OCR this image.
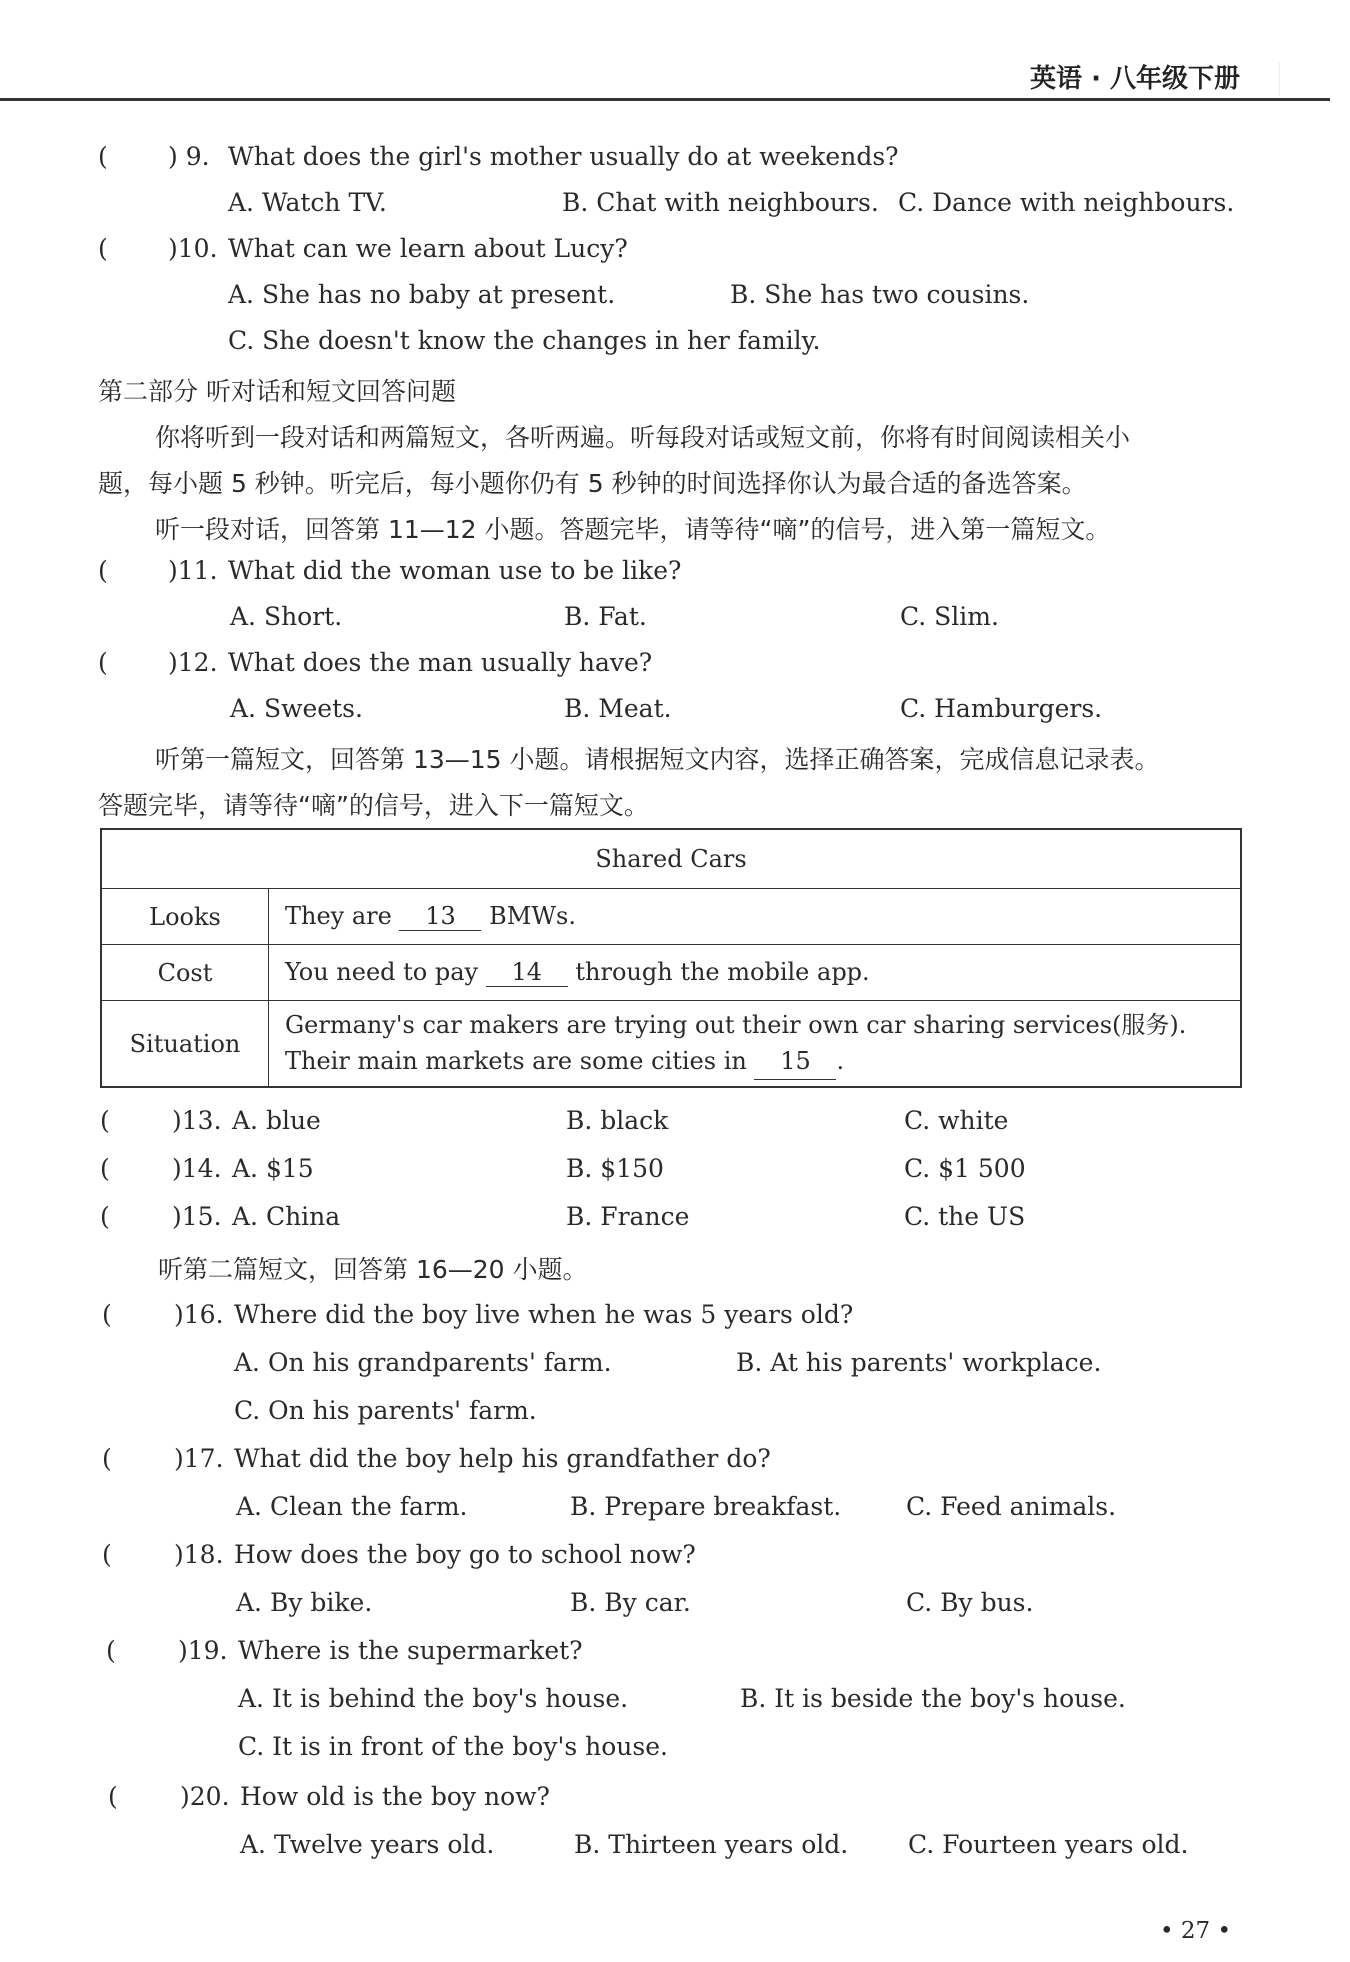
英语 · 八年级下册
( ) 9. What does the girl's mother usually do at weekends?
A. Watch TV.	B. Chat with neighbours. C. Dance with neighbours.
( )10. What can we learn about Lucy?
A. She has no baby at present.	B. She has two cousins.
C. She doesn't know the changes in her family.
第二部分 听对话和短文回答问题
你将听到一段对话和两篇短文，各听两遍。听每段对话或短文前，你将有时间阅读相关小
题，每小题 5 秒钟。听完后，每小题你仍有 5 秒钟的时间选择你认为最合适的备选答案。
听一段对话，回答第 11—12 小题。答题完毕，请等待“嘀”的信号，进入第一篇短文。
( )11. What did the woman use to be like?
A. Short.	B. Fat.	C. Slim.
( )12. What does the man usually have?
A. Sweets.	B. Meat.	C. Hamburgers.
听第一篇短文，回答第 13—15 小题。请根据短文内容，选择正确答案，完成信息记录表。
答题完毕，请等待“嘀”的信号，进入下一篇短文。
Shared Cars	
Looks	They are 13 BMWs.
Cost	You need to pay 14 through the mobile app.
Situation	Germany's car makers are trying out their own car sharing services(服务).
Their main markets are some cities in 15 .
( )13. A. blue	B. black	C. white
( )14. A. $15	B. $150	C. $1 500
( )15. A. China	B. France	C. the US
听第二篇短文，回答第 16—20 小题。
( )16. Where did the boy live when he was 5 years old?
A. On his grandparents' farm.	B. At his parents' workplace.
C. On his parents' farm.
( )17. What did the boy help his grandfather do?
A. Clean the farm.	B. Prepare breakfast.	C. Feed animals.
( )18. How does the boy go to school now?
A. By bike.	B. By car.	C. By bus.
( )19. Where is the supermarket?
A. It is behind the boy's house.	B. It is beside the boy's house.
C. It is in front of the boy's house.
( )20. How old is the boy now?
A. Twelve years old.	B. Thirteen years old. C. Fourteen years old.
• 27 •
